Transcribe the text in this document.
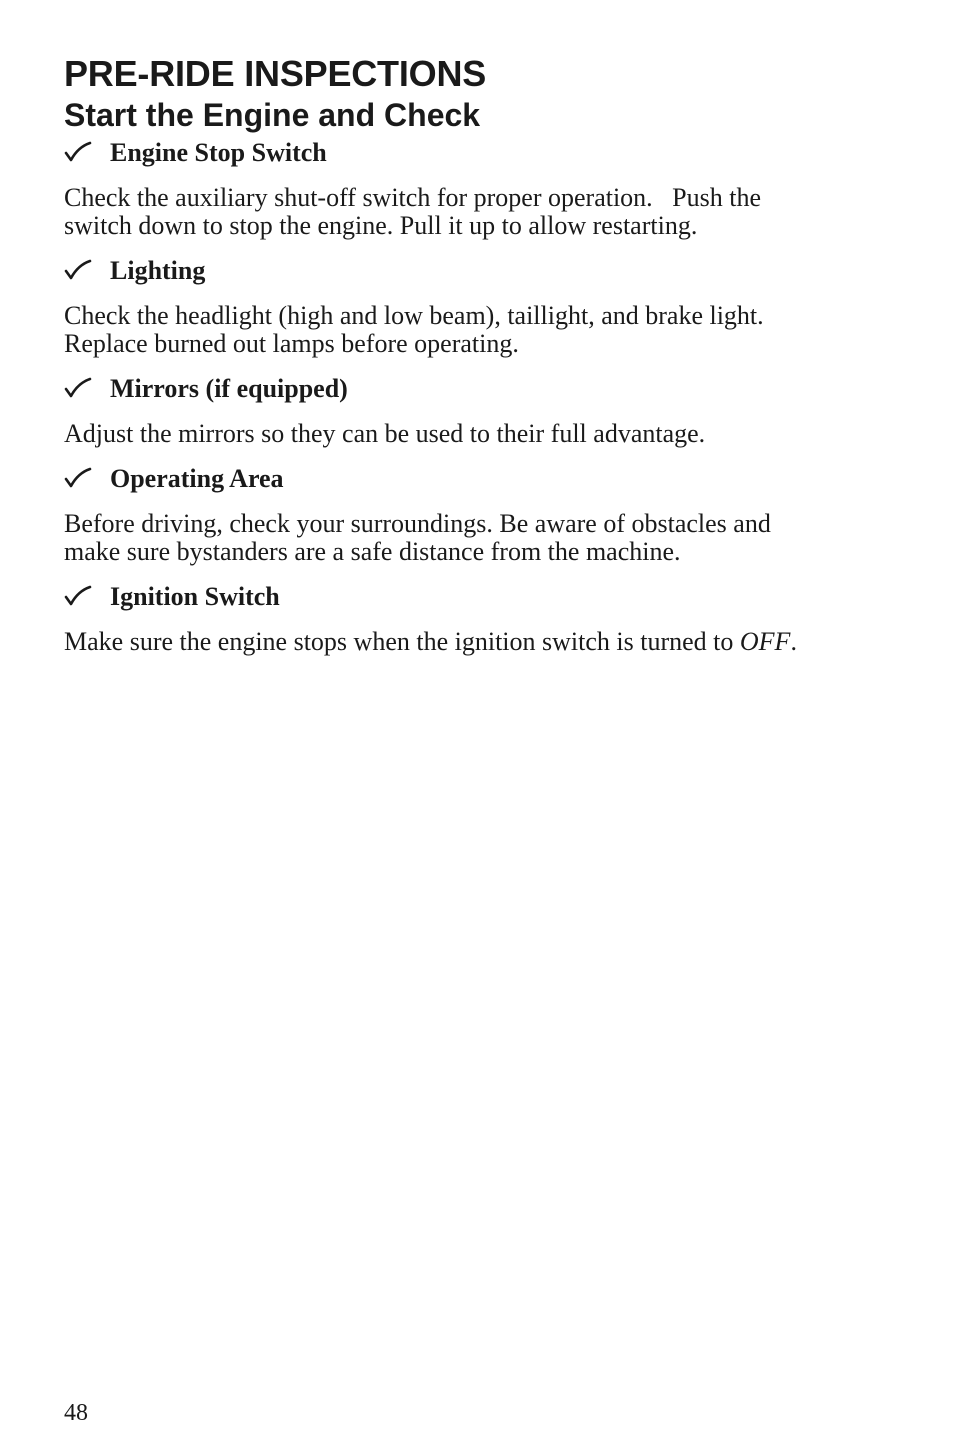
PRE-RIDE INSPECTIONS
Start the Engine and Check
Engine Stop Switch
Check the auxiliary shut-off switch for proper operation.   Push the
switch down to stop the engine. Pull it up to allow restarting.
Lighting
Check the headlight (high and low beam), taillight, and brake light.
Replace burned out lamps before operating.
Mirrors (if equipped)
Adjust the mirrors so they can be used to their full advantage.
Operating Area
Before driving, check your surroundings. Be aware of obstacles and
make sure bystanders are a safe distance from the machine.
Ignition Switch
Make sure the engine stops when the ignition switch is turned to OFF.
48
